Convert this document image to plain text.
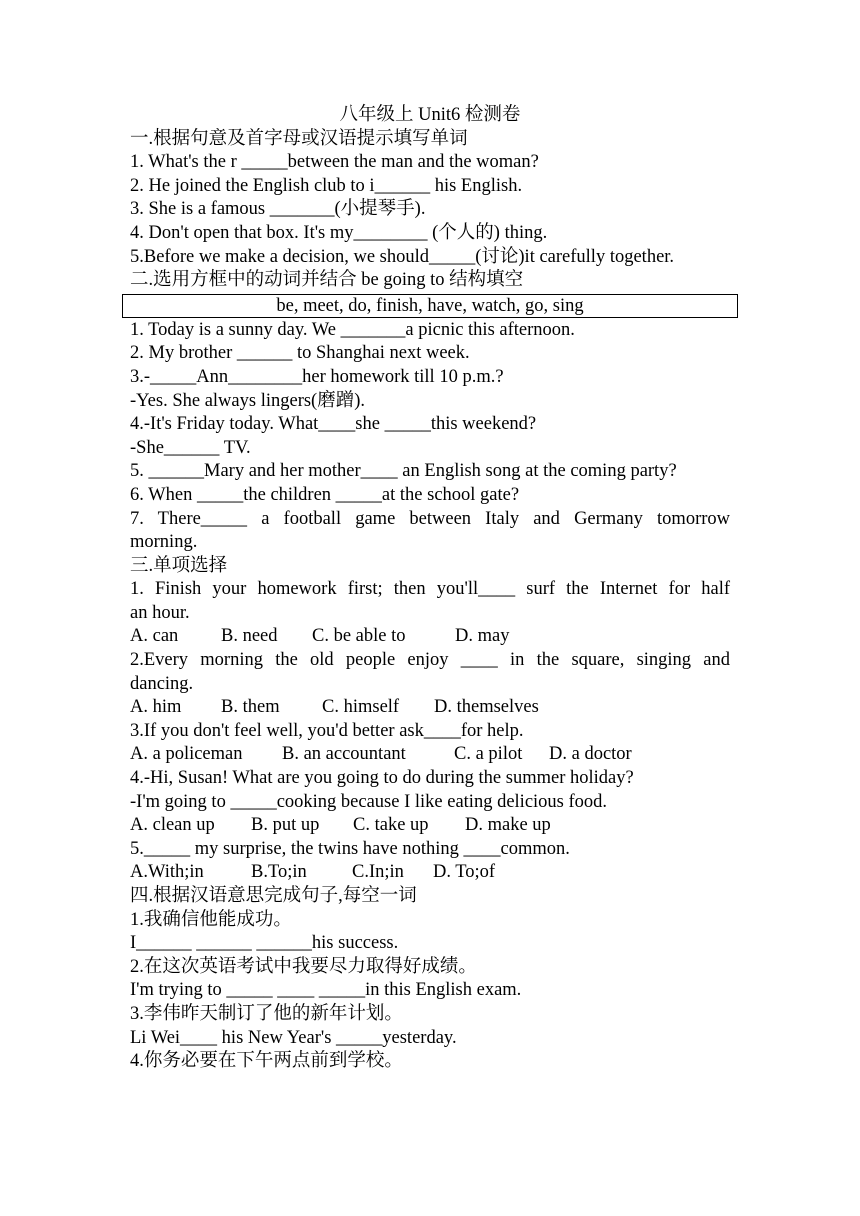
八年级上 Unit6 检测卷
一.根据句意及首字母或汉语提示填写单词
1. What's the r _____between the man and the woman?
2. He joined the English club to i______ his English.
3. She is a famous _______(小提琴手).
4. Don't open that box. It's my________ (个人的) thing.
5.Before we make a decision, we should_____(讨论)it carefully together.
二.选用方框中的动词并结合 be going to 结构填空
be, meet, do, finish, have, watch, go, sing
1. Today is a sunny day. We _______a picnic this afternoon.
2. My brother ______ to Shanghai next week.
3.-_____Ann________her homework till 10 p.m.?
-Yes. She always lingers(磨蹭).
4.-It's Friday today. What____she _____this weekend?
-She______ TV.
5. ______Mary and her mother____ an English song at the coming party?
6. When _____the children _____at the school gate?
7. There_____ a football game between Italy and Germany tomorrow
morning.
三.单项选择
1. Finish your homework first; then you'll____ surf the Internet for half
an hour.
A. can B. need C. be able to	D. may
2.Every morning the old people enjoy ____ in the square, singing and
dancing.
A. him B. them C. himself D. themselves
3.If you don't feel well, you'd better ask____for help.
A. a policeman B. an accountant	C. a pilot D. a doctor
4.-Hi, Susan! What are you going to do during the summer holiday?
-I'm going to _____cooking because I like eating delicious food.
A. clean up B. put up C. take up D. make up
5._____ my surprise, the twins have nothing ____common.
A.With;in	B.To;in C.In;in D. To;of
四.根据汉语意思完成句子,每空一词
1.我确信他能成功。
I______ ______ ______his success.
2.在这次英语考试中我要尽力取得好成绩。
I'm trying to _____ ____ _____in this English exam.
3.李伟昨天制订了他的新年计划。
Li Wei____ his New Year's _____yesterday.
4.你务必要在下午两点前到学校。
